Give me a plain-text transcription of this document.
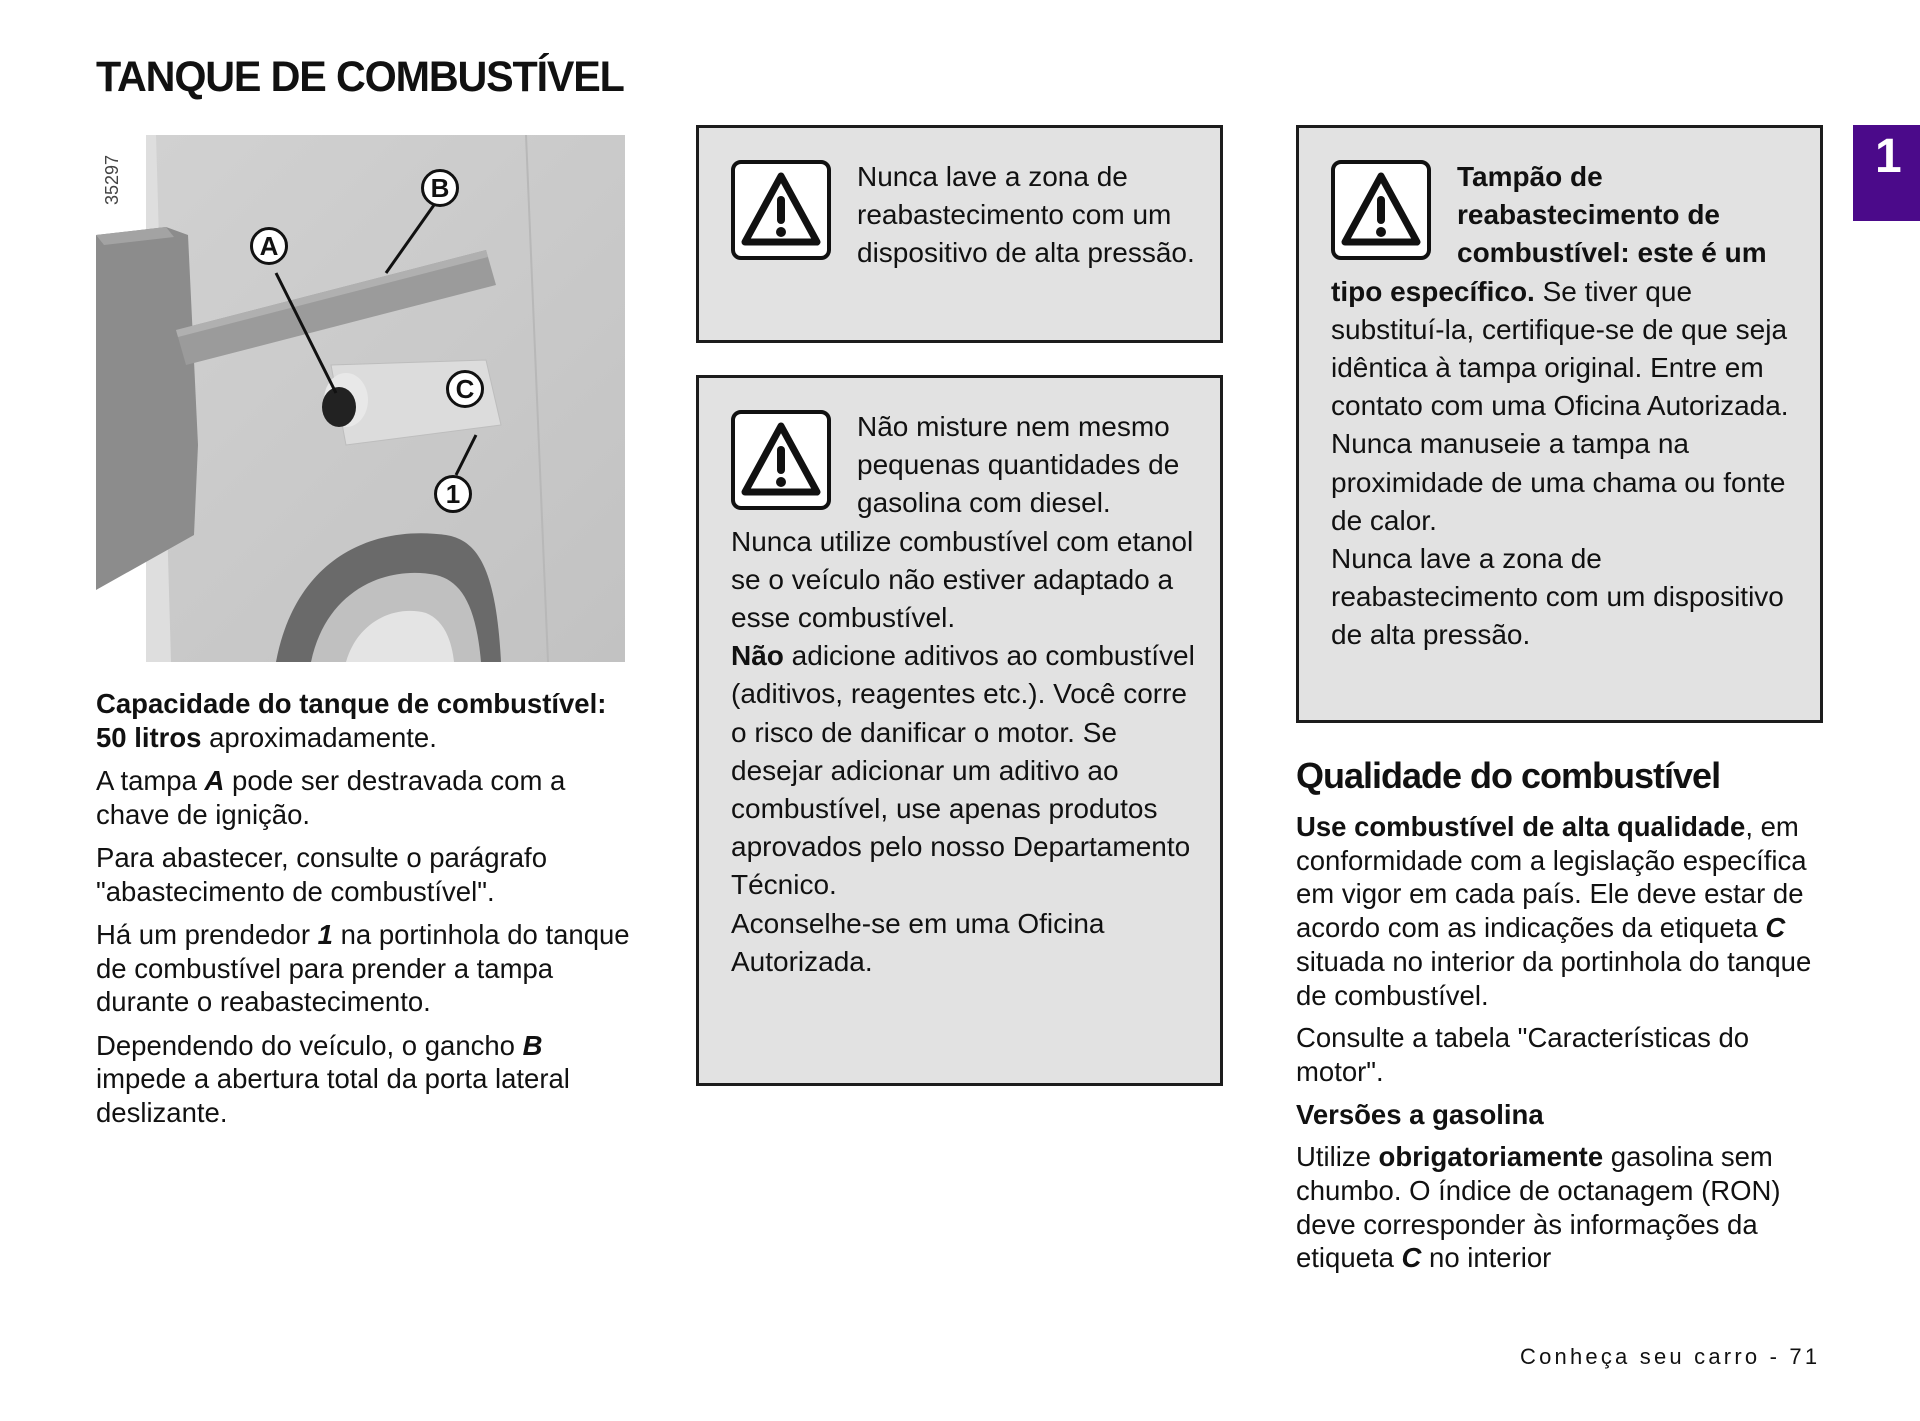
TANQUE DE COMBUSTÍVEL
A
B
C
1
35297

Capacidade do tanque de combustível: 50 litros aproximadamente.

A tampa A pode ser destravada com a chave de ignição.

Para abastecer, consulte o parágrafo "abastecimento de combustível".

Há um prendedor 1 na portinhola do tanque de combustível para prender a tampa durante o reabastecimento.

Dependendo do veículo, o gancho B impede a abertura total da porta lateral deslizante.

Nunca lave a zona de reabastecimento com um dispositivo de alta pressão.

Não misture nem mesmo pequenas quantidades de gasolina com diesel.

Nunca utilize combustível com etanol se o veículo não estiver adaptado a esse combustível.

Não adicione aditivos ao combustível (aditivos, reagentes etc.). Você corre o risco de danificar o motor. Se desejar adicionar um aditivo ao combustível, use apenas produtos aprovados pelo nosso Departamento Técnico.

Aconselhe-se em uma Oficina Autorizada.

Tampão de reabastecimento de combustível: este é um tipo específico. Se tiver que substituí-la, certifique-se de que seja idêntica à tampa original. Entre em contato com uma Oficina Autorizada.

Nunca manuseie a tampa na proximidade de uma chama ou fonte de calor.

Nunca lave a zona de reabastecimento com um dispositivo de alta pressão.

Qualidade do combustível

Use combustível de alta qualidade, em conformidade com a legislação específica em vigor em cada país. Ele deve estar de acordo com as indicações da etiqueta C situada no interior da portinhola do tanque de combustível.

Consulte a tabela "Características do motor".

Versões a gasolina

Utilize obrigatoriamente gasolina sem chumbo. O índice de octanagem (RON) deve corresponder às informações da etiqueta C no interior

1
Conheça seu carro - 71
